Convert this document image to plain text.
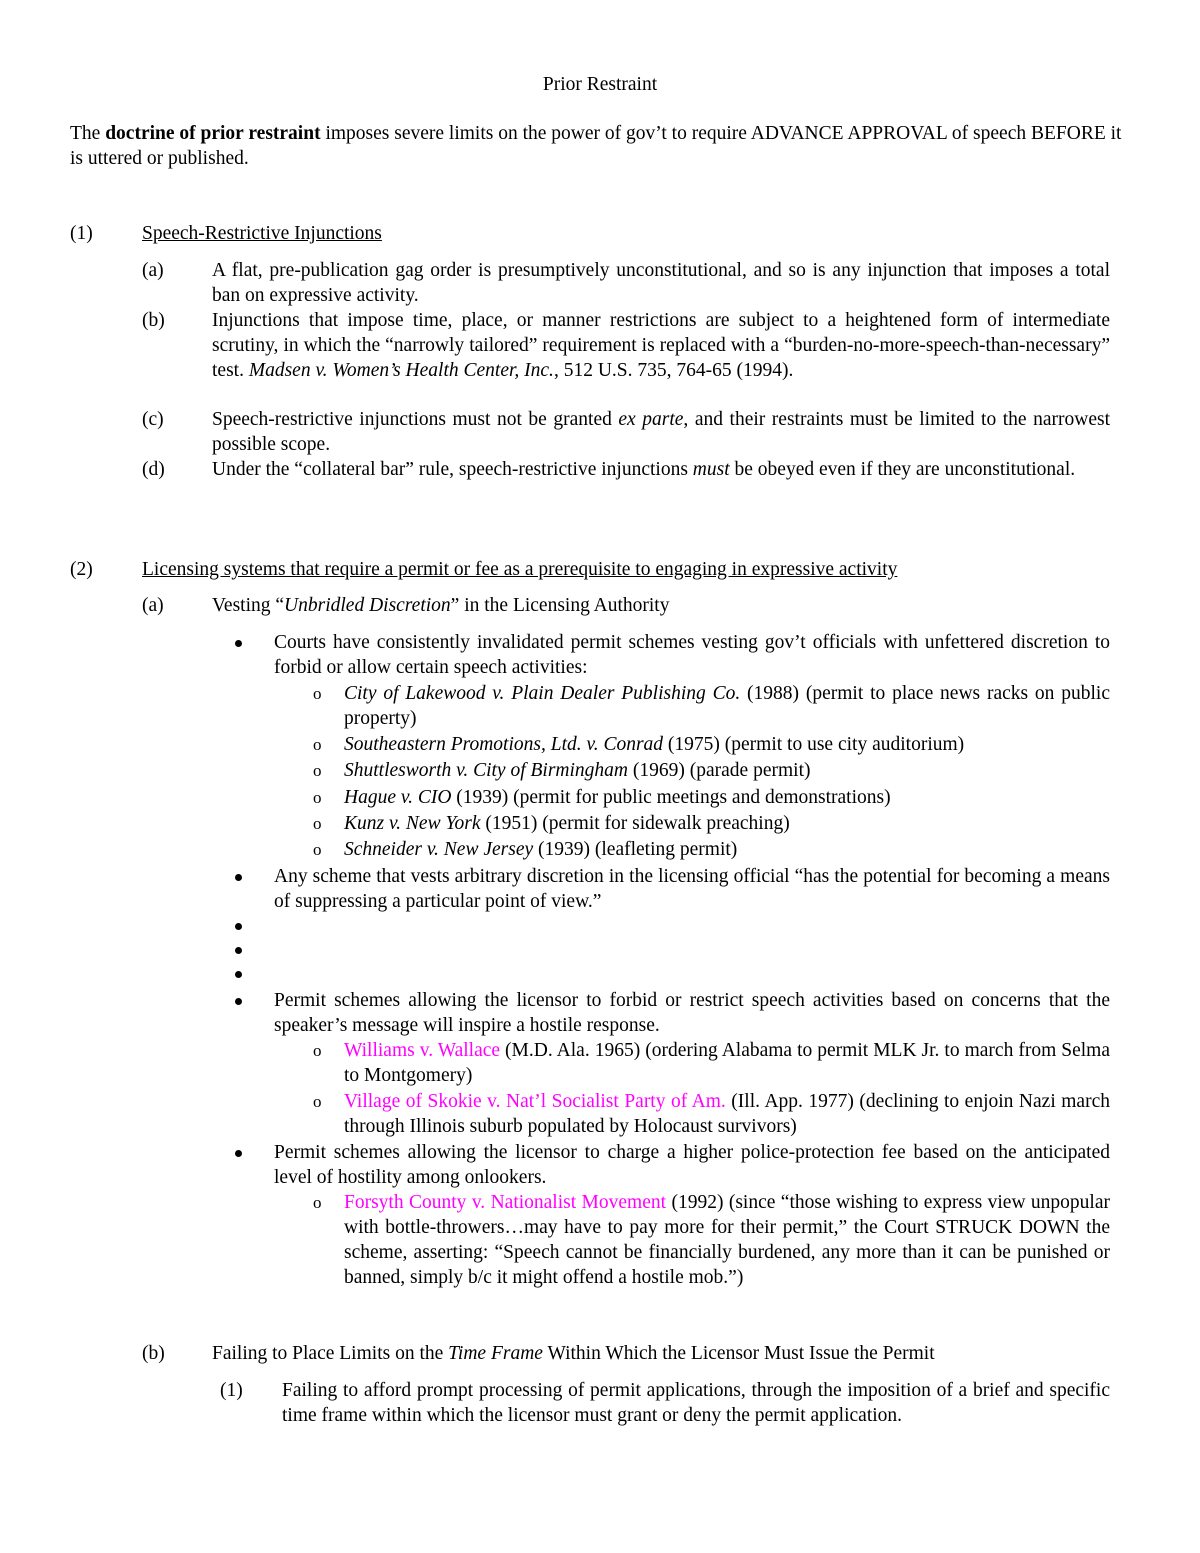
Prior Restraint
The doctrine of prior restraint imposes severe limits on the power of gov’t to require ADVANCE APPROVAL of speech BEFORE it is uttered or published.
(1)	Speech-Restrictive Injunctions
(a) A flat, pre-publication gag order is presumptively unconstitutional, and so is any injunction that imposes a total ban on expressive activity.
(b) Injunctions that impose time, place, or manner restrictions are subject to a heightened form of intermediate scrutiny, in which the “narrowly tailored” requirement is replaced with a “burden-no-more-speech-than-necessary” test. Madsen v. Women’s Health Center, Inc., 512 U.S. 735, 764-65 (1994).
(c) Speech-restrictive injunctions must not be granted ex parte, and their restraints must be limited to the narrowest possible scope.
(d) Under the “collateral bar” rule, speech-restrictive injunctions must be obeyed even if they are unconstitutional.
(2)	Licensing systems that require a permit or fee as a prerequisite to engaging in expressive activity
(a) Vesting “Unbridled Discretion” in the Licensing Authority
Courts have consistently invalidated permit schemes vesting gov’t officials with unfettered discretion to forbid or allow certain speech activities:
o City of Lakewood v. Plain Dealer Publishing Co. (1988) (permit to place news racks on public property)
o Southeastern Promotions, Ltd. v. Conrad (1975) (permit to use city auditorium)
o Shuttlesworth v. City of Birmingham (1969) (parade permit)
o Hague v. CIO (1939) (permit for public meetings and demonstrations)
o Kunz v. New York (1951) (permit for sidewalk preaching)
o Schneider v. New Jersey (1939) (leafleting permit)
Any scheme that vests arbitrary discretion in the licensing official “has the potential for becoming a means of suppressing a particular point of view.”
Permit schemes allowing the licensor to forbid or restrict speech activities based on concerns that the speaker’s message will inspire a hostile response.
o Williams v. Wallace (M.D. Ala. 1965) (ordering Alabama to permit MLK Jr. to march from Selma to Montgomery)
o Village of Skokie v. Nat’l Socialist Party of Am. (Ill. App. 1977) (declining to enjoin Nazi march through Illinois suburb populated by Holocaust survivors)
Permit schemes allowing the licensor to charge a higher police-protection fee based on the anticipated level of hostility among onlookers.
o Forsyth County v. Nationalist Movement (1992) (since “those wishing to express view unpopular with bottle-throwers…may have to pay more for their permit,” the Court STRUCK DOWN the scheme, asserting: “Speech cannot be financially burdened, any more than it can be punished or banned, simply b/c it might offend a hostile mob.”)
(b) Failing to Place Limits on the Time Frame Within Which the Licensor Must Issue the Permit
(1) Failing to afford prompt processing of permit applications, through the imposition of a brief and specific time frame within which the licensor must grant or deny the permit application.
